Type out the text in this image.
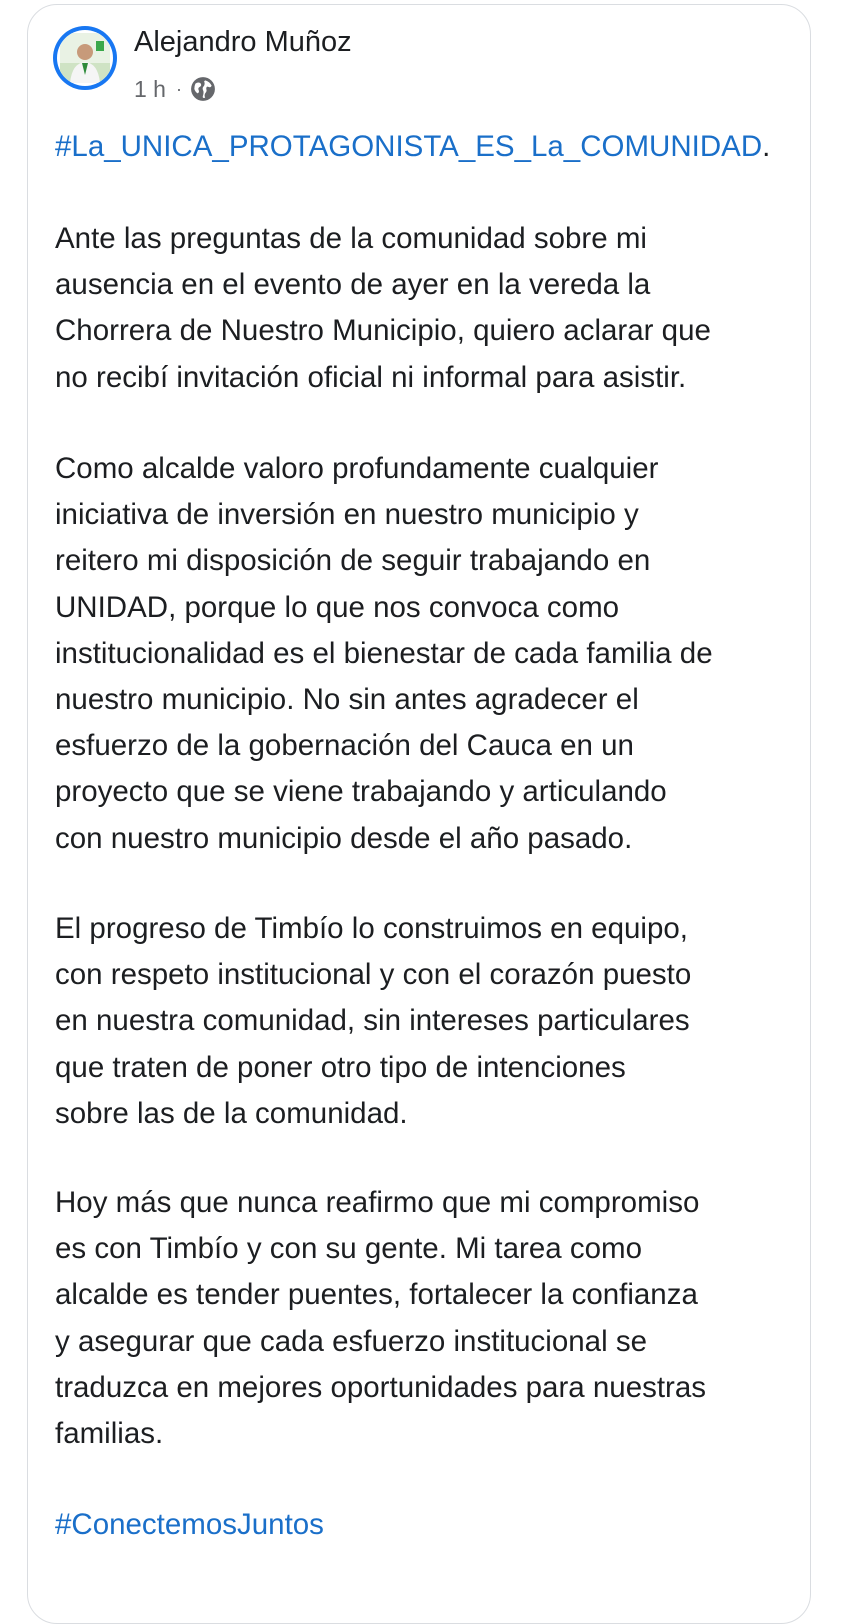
Alejandro Muñoz
1 h ·
#La_UNICA_PROTAGONISTA_ES_La_COMUNIDAD.

Ante las preguntas de la comunidad sobre mi
ausencia en el evento de ayer en la vereda la
Chorrera de Nuestro Municipio, quiero aclarar que
no recibí invitación oficial ni informal para asistir.

Como alcalde valoro profundamente cualquier
iniciativa de inversión en nuestro municipio y
reitero mi disposición de seguir trabajando en
UNIDAD, porque lo que nos convoca como
institucionalidad es el bienestar de cada familia de
nuestro municipio. No sin antes agradecer el
esfuerzo de la gobernación del Cauca en un
proyecto que se viene trabajando y articulando
con nuestro municipio desde el año pasado.

El progreso de Timbío lo construimos en equipo,
con respeto institucional y con el corazón puesto
en nuestra comunidad, sin intereses particulares
que traten de poner otro tipo de intenciones
sobre las de la comunidad.

Hoy más que nunca reafirmo que mi compromiso
es con Timbío y con su gente. Mi tarea como
alcalde es tender puentes, fortalecer la confianza
y asegurar que cada esfuerzo institucional se
traduzca en mejores oportunidades para nuestras
familias.

#ConectemosJuntos
